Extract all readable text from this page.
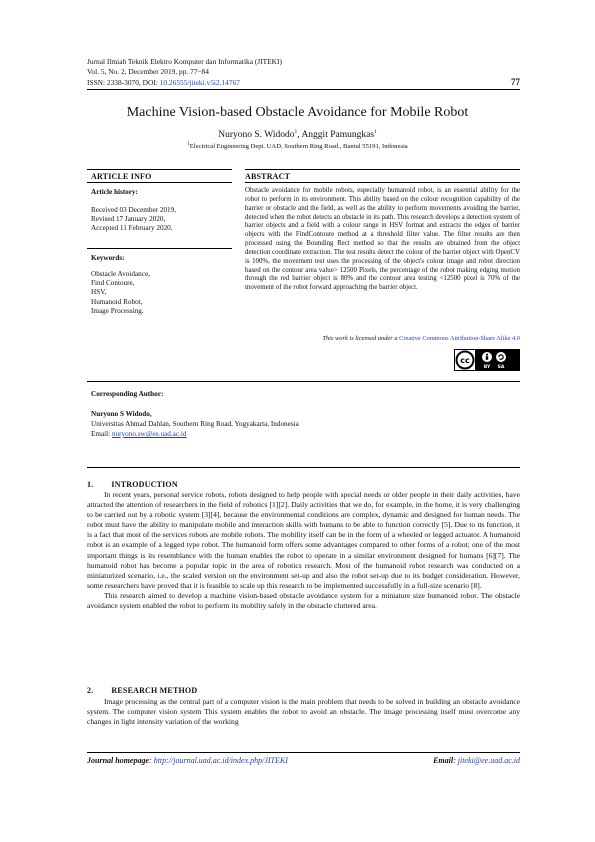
Jurnal Ilmiah Teknik Elektro Komputer dan Informatika (JITEKI)
Vol. 5, No. 2, December 2019, pp. 77~84
ISSN: 2338-3070, DOI: 10.26555/jiteki.v5i2.14767	77
Machine Vision-based Obstacle Avoidance for Mobile Robot
Nuryono S. Widodo$^1$, Anggit Pamungkas$^1$
$^1$Electrical Engineering Dept. UAD, Southern Ring Road., Bantul 55191, Indonesia
ARTICLE INFO	ABSTRACT
Article history:
Received 03 December 2019,
Revised 17 January 2020,
Accepted 11 February 2020.
Keywords:
Obstacle Avoidance,
Find Contoure,
HSV,
Humanoid Robot,
Image Processing.
Obstacle avoidance for mobile robots, especially humanoid robot, is an essential ability for the robot to perform in its environment. This ability based on the colour recognition capability of the barrier or obstacle and the field, as well as the ability to perform movements avoiding the barrier, detected when the robot detects an obstacle in its path. This research develops a detection system of barrier objects and a field with a colour range in HSV format and extracts the edges of barrier objects with the FindContoure method at a threshold filter value. The filter results are then processed using the Bounding Rect method so that the results are obtained from the object detection coordinate extraction. The test results detect the colour of the barrier object with OpenCV is 100%, the movement test uses the processing of the object's colour image and robot direction based on the contour area value> 12500 Pixels, the percentage of the robot making edging motion through the red barrier object is 80% and the contour area testing <12500 pixel is 70% of the movement of the robot forward approaching the barrier object.
This work is licensed under a Creative Commons Attribution-Share Alike 4.0
cc
BY SA
Corresponding Author:
Nuryono S Widodo,
Universitas Ahmad Dahlan, Southern Ring Road, Yogyakarta, Indonesia
Email: nuryono.sw@ee.uad.ac.id
1. INTRODUCTION

In recent years, personal service robots, robots designed to help people with special needs or older people in their daily activities, have attracted the attention of researchers in the field of robotics [1][2]. Daily activities that we do, for example, in the home, it is very challenging to be carried out by a robotic system [3][4], because the environmental conditions are complex, dynamic and designed for human needs. The robot must have the ability to manipulate mobile and interaction skills with humans to be able to function correctly [5]. Due to its function, it is a fact that most of the services robots are mobile robots. The mobility itself can be in the form of a wheeled or legged actuator. A humanoid robot is an example of a legged type robot. The humanoid form offers some advantages compared to other forms of a robot; one of the most important things is its resemblance with the human enables the robot to operate in a similar environment designed for humans [6][7]. The humanoid robot has become a popular topic in the area of robotics research. Most of the humanoid robot research was conducted on a miniaturized scenario, i.e., the scaled version on the environment set-up and also the robot set-up due to its budget consideration. However, some researchers have proved that it is feasible to scale up this research to be implemented successfully in a full-size scenario [8].

This research aimed to develop a machine vision-based obstacle avoidance system for a miniature size humanoid robot. The obstacle avoidance system enabled the robot to perform its mobility safely in the obstacle cluttered area.

2. RESEARCH METHOD

Image processing as the central part of a computer vision is the main problem that needs to be solved in building an obstacle avoidance system. The computer vision system This system enables the robot to avoid an obstacle. The image processing itself must overcome any changes in light intensity variation of the working

Journal homepage: http://journal.uad.ac.id/index.php/JITEKI	Email: jiteki@ee.uad.ac.id
